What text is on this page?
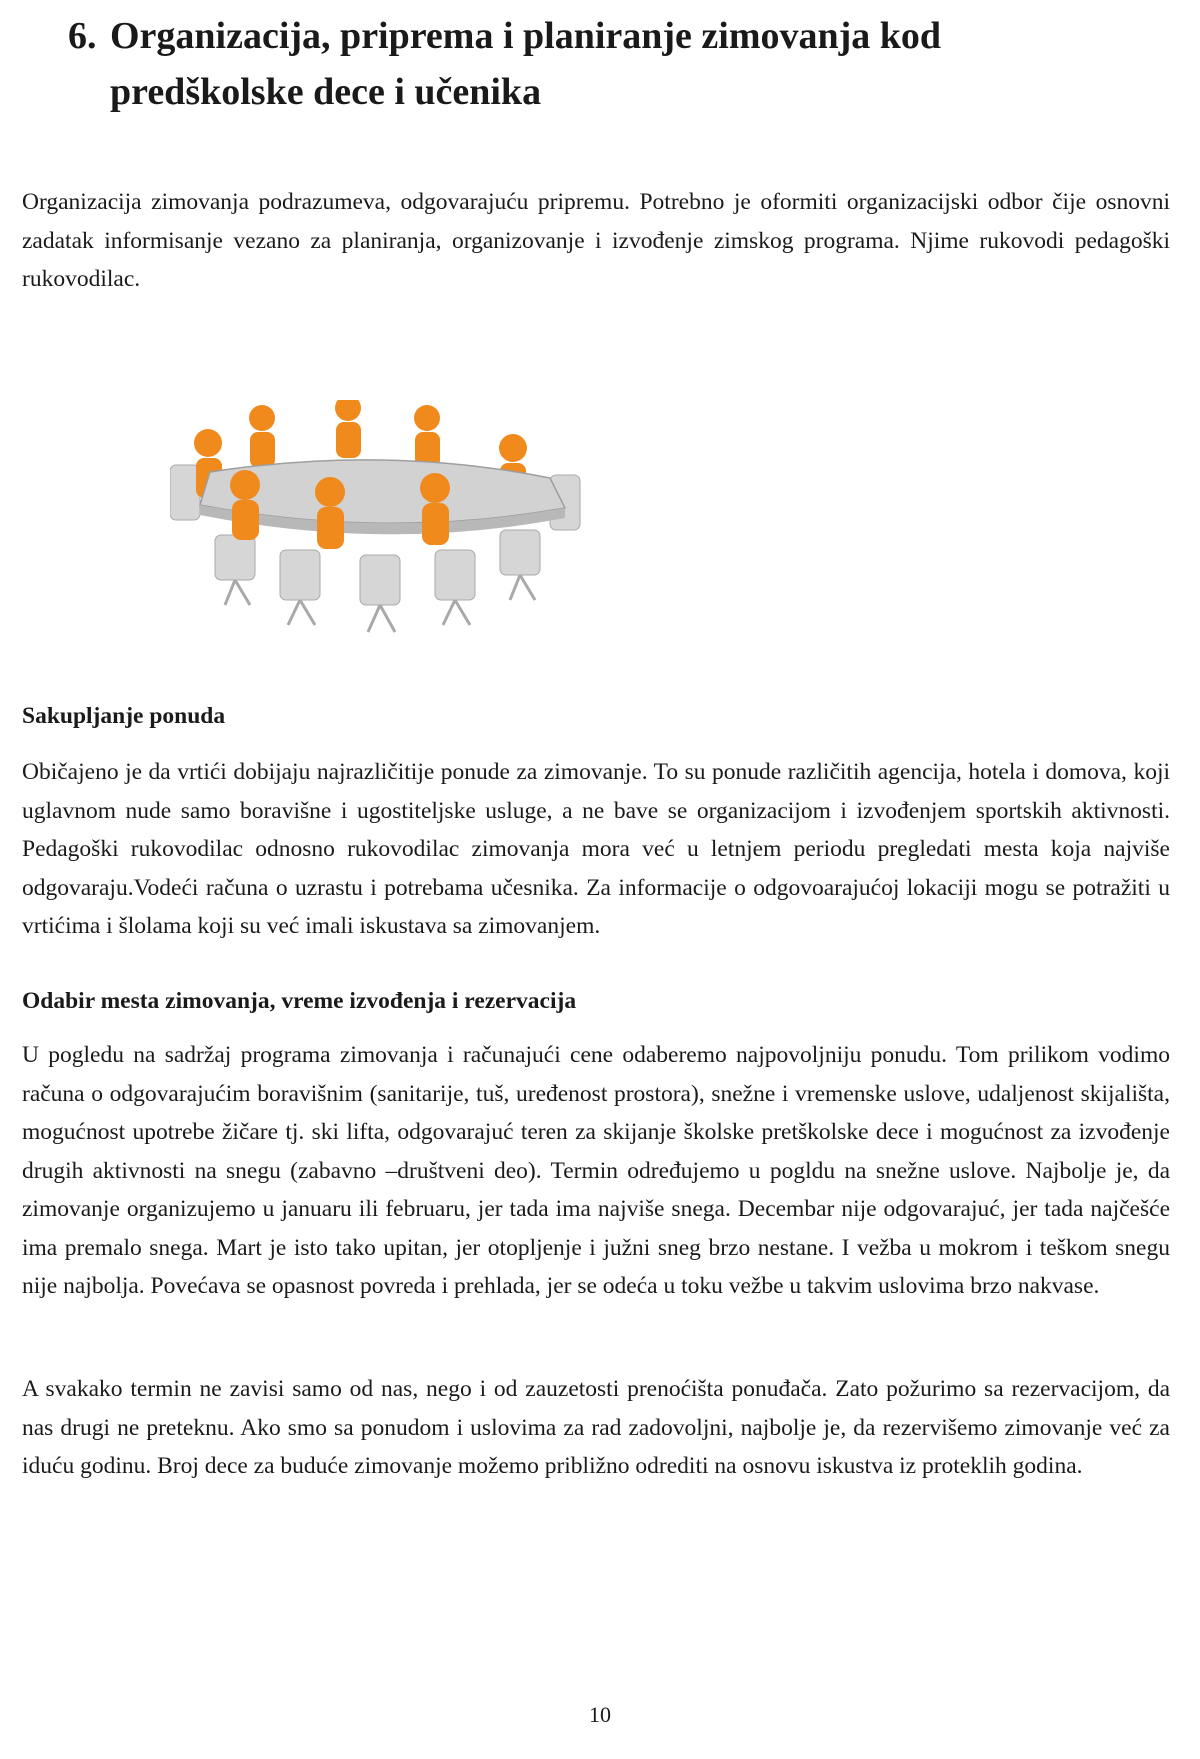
6. Organizacija, priprema i planiranje zimovanja kod
predškolske dece i učenika

Organizacija zimovanja podrazumeva, odgovarajuću pripremu. Potrebno je oformiti organizacijski odbor čije osnovni zadatak informisanje vezano za planiranja, organizovanje i izvođenje zimskog programa. Njime rukovodi pedagoški rukovodilac.

Sakupljanje ponuda

Običajeno je da vrtići dobijaju najrazličitije ponude za zimovanje. To su ponude različitih agencija, hotela i domova, koji uglavnom nude samo boravišne i ugostiteljske usluge, a ne bave se organizacijom i izvođenjem sportskih aktivnosti. Pedagoški rukovodilac odnosno rukovodilac zimovanja mora već u letnjem periodu pregledati mesta koja najviše odgovaraju.Vodeći računa o uzrastu i potrebama učesnika. Za informacije o odgovoarajućoj lokaciji mogu se potražiti u vrtićima i šlolama koji su već imali iskustava sa zimovanjem.

Odabir mesta zimovanja, vreme izvođenja i rezervacija

U pogledu na sadržaj programa zimovanja i računajući cene odaberemo najpovoljniju ponudu. Tom prilikom vodimo računa o odgovarajućim boravišnim (sanitarije, tuš, uređenost prostora), snežne i vremenske uslove, udaljenost skijališta, mogućnost upotrebe žičare tj. ski lifta, odgovarajuć teren za skijanje školske pretškolske dece i mogućnost za izvođenje drugih aktivnosti na snegu (zabavno –društveni deo). Termin određujemo u pogldu na snežne uslove. Najbolje je, da zimovanje organizujemo u januaru ili februaru, jer tada ima najviše snega. Decembar nije odgovarajuć, jer tada najčešće ima premalo snega. Mart je isto tako upitan, jer otopljenje i južni sneg brzo nestane. I vežba u mokrom i teškom snegu nije najbolja. Povećava se opasnost povreda i prehlada, jer se odeća u toku vežbe u takvim uslovima brzo nakvase.

A svakako termin ne zavisi samo od nas, nego i od zauzetosti prenoćišta ponuđača. Zato požurimo sa rezervacijom, da nas drugi ne preteknu. Ako smo sa ponudom i uslovima za rad zadovoljni, najbolje je, da rezervišemo zimovanje već za iduću godinu. Broj dece za buduće zimovanje možemo približno odrediti na osnovu iskustva iz proteklih godina.

10
